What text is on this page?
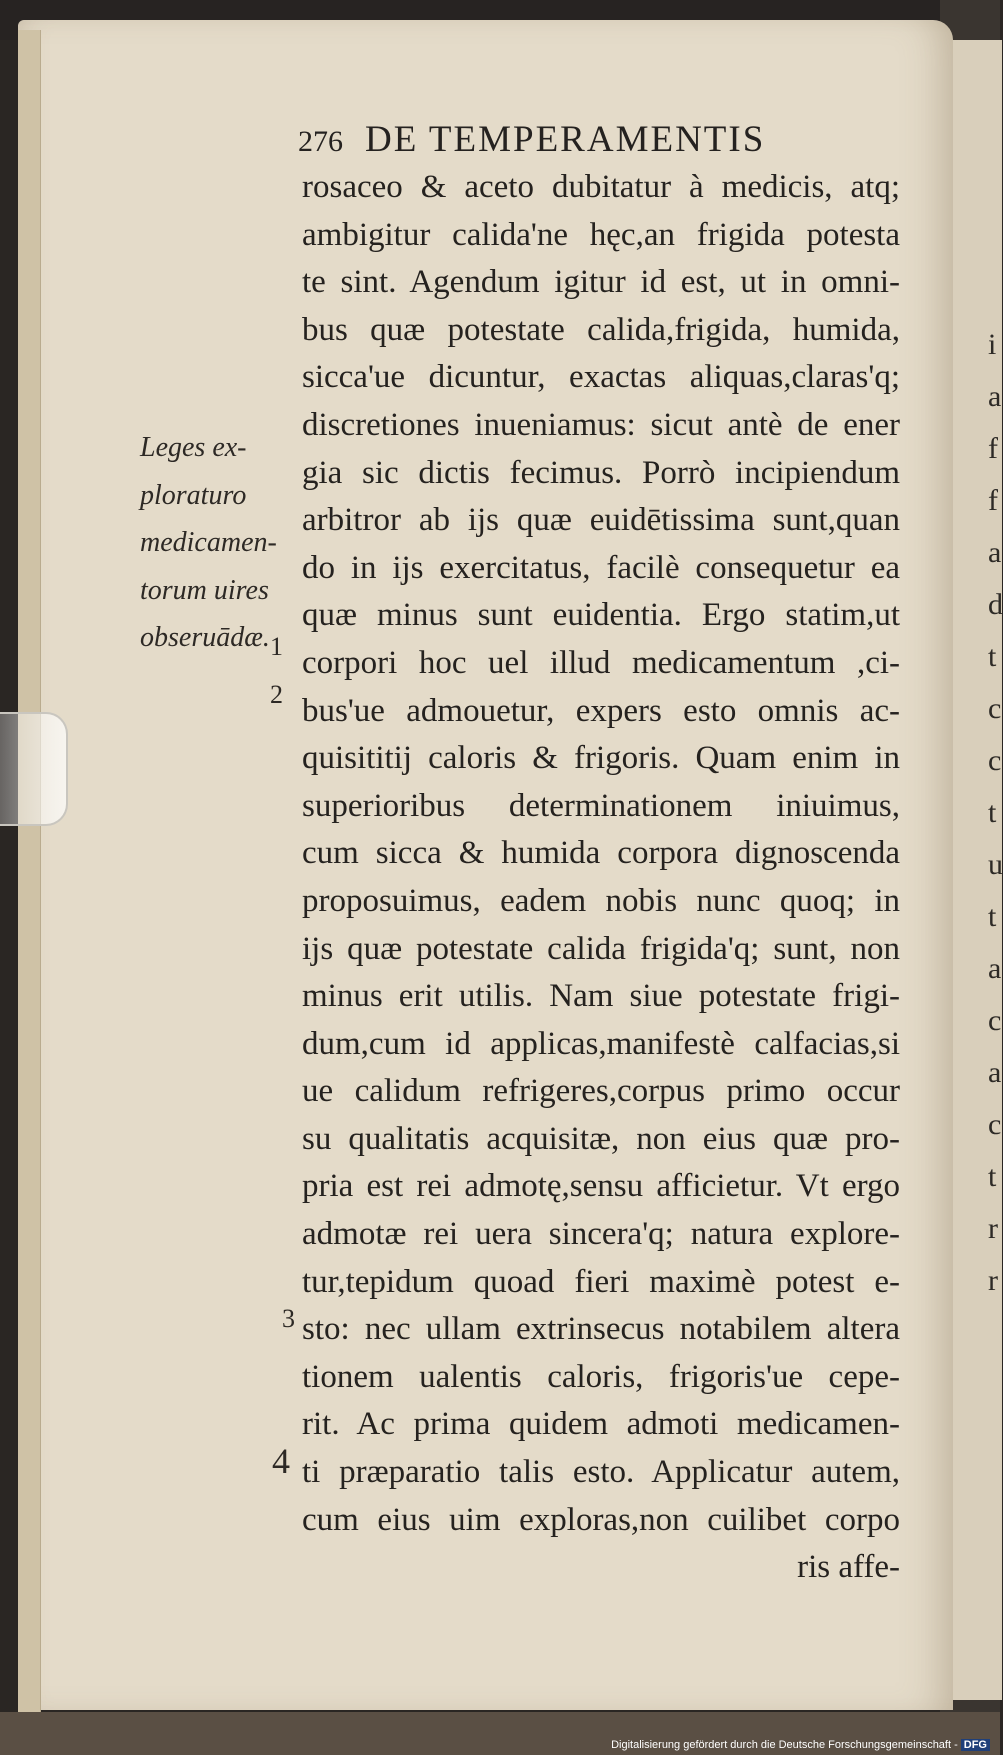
i
a
f
f
a
d
t
c
c
t
u
t
a
c
a
c
t
r
r
276 DE TEMPERAMENTIS
rosaceo & aceto dubitatur à medicis, atq;
ambigitur calida'ne hęc,an frigida potesta
te sint. Agendum igitur id est, ut in omni-
bus quæ potestate calida,frigida, humida,
sicca'ue dicuntur, exactas aliquas,claras'q;
discretiones inueniamus: sicut antè de ener
gia sic dictis fecimus. Porrò incipiendum
arbitror ab ijs quæ euidētissima sunt,quan
do in ijs exercitatus, facilè consequetur ea
quæ minus sunt euidentia. Ergo statim,ut
corpori hoc uel illud medicamentum ,ci-
bus'ue admouetur, expers esto omnis ac-
quisititij caloris & frigoris. Quam enim in
superioribus determinationem iniuimus,
cum sicca & humida corpora dignoscenda
proposuimus, eadem nobis nunc quoq; in
ijs quæ potestate calida frigida'q; sunt, non
minus erit utilis. Nam siue potestate frigi-
dum,cum id applicas,manifestè calfacias,si
ue calidum refrigeres,corpus primo occur
su qualitatis acquisitæ, non eius quæ pro-
pria est rei admotę,sensu afficietur. Vt ergo
admotæ rei uera sincera'q; natura explore-
tur,tepidum quoad fieri maximè potest e-
sto: nec ullam extrinsecus notabilem altera
tionem ualentis caloris, frigoris'ue cepe-
rit. Ac prima quidem admoti medicamen-
ti præparatio talis esto. Applicatur autem,
cum eius uim exploras,non cuilibet corpo
ris affe-
Leges ex-
ploraturo
medicamen-
torum uires
obseruādæ. 1
2
3
4
Digitalisierung gefördert durch die Deutsche Forschungsgemeinschaft - DFG
